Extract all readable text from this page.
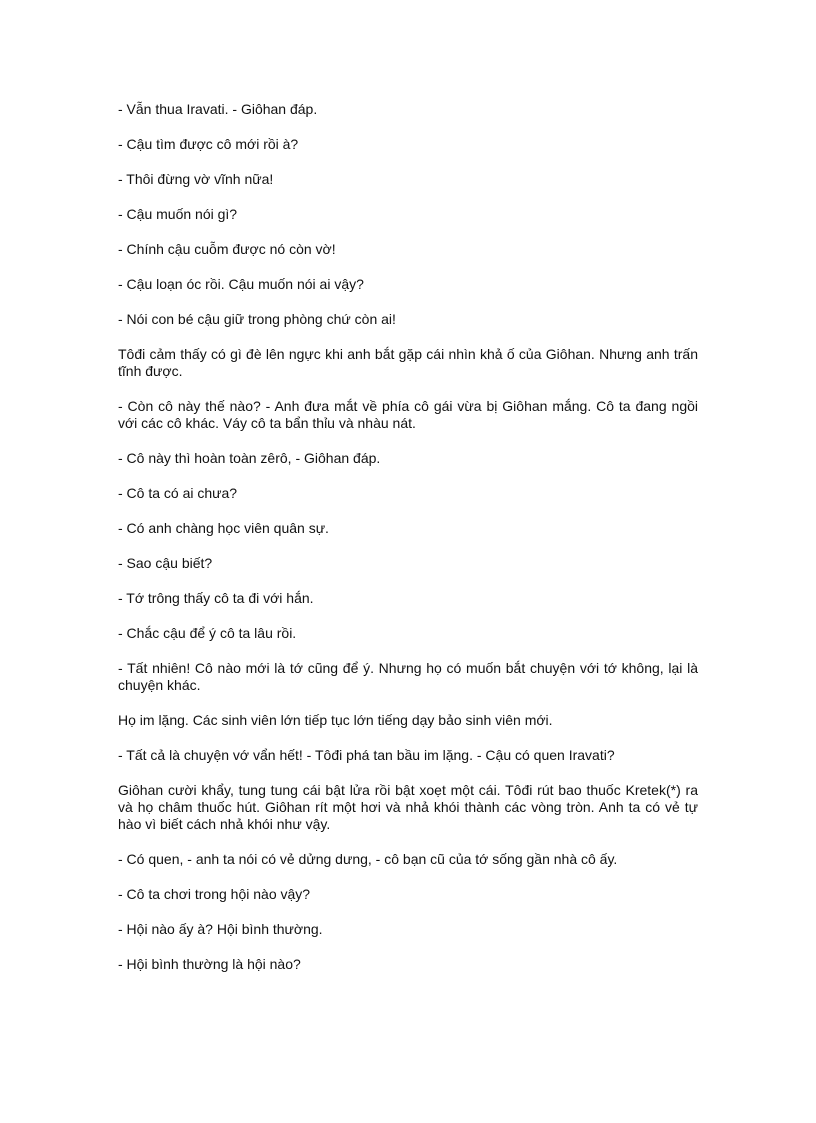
- Vẫn thua Iravati. - Giôhan đáp.

- Cậu tìm được cô mới rồi à?

- Thôi đừng vờ vĩnh nữa!

- Cậu muốn nói gì?

- Chính cậu cuỗm được nó còn vờ!

- Cậu loạn óc rồi. Cậu muốn nói ai vậy?

- Nói con bé cậu giữ trong phòng chứ còn ai!

Tôđi cảm thấy có gì đè lên ngực khi anh bắt gặp cái nhìn khả ố của Giôhan. Nhưng anh trấn tĩnh được.

- Còn cô này thế nào? - Anh đưa mắt về phía cô gái vừa bị Giôhan mắng. Cô ta đang ngồi với các cô khác. Váy cô ta bẩn thỉu và nhàu nát.

- Cô này thì hoàn toàn zêrô, - Giôhan đáp.

- Cô ta có ai chưa?

- Có anh chàng học viên quân sự.

- Sao cậu biết?

- Tớ trông thấy cô ta đi với hắn.

- Chắc cậu để ý cô ta lâu rồi.

- Tất nhiên! Cô nào mới là tớ cũng để ý. Nhưng họ có muốn bắt chuyện với tớ không, lại là chuyện khác.

Họ im lặng. Các sinh viên lớn tiếp tục lớn tiếng dạy bảo sinh viên mới.

- Tất cả là chuyện vớ vẩn hết! - Tôđi phá tan bầu im lặng. - Cậu có quen Iravati?

Giôhan cười khẩy, tung tung cái bật lửa rồi bật xoẹt một cái. Tôđi rút bao thuốc Kretek(*) ra và họ châm thuốc hút. Giôhan rít một hơi và nhả khói thành các vòng tròn. Anh ta có vẻ tự hào vì biết cách nhả khói như vậy.

- Có quen, - anh ta nói có vẻ dửng dưng, - cô bạn cũ của tớ sống gần nhà cô ấy.

- Cô ta chơi trong hội nào vậy?

- Hội nào ấy à? Hội bình thường.

- Hội bình thường là hội nào?
